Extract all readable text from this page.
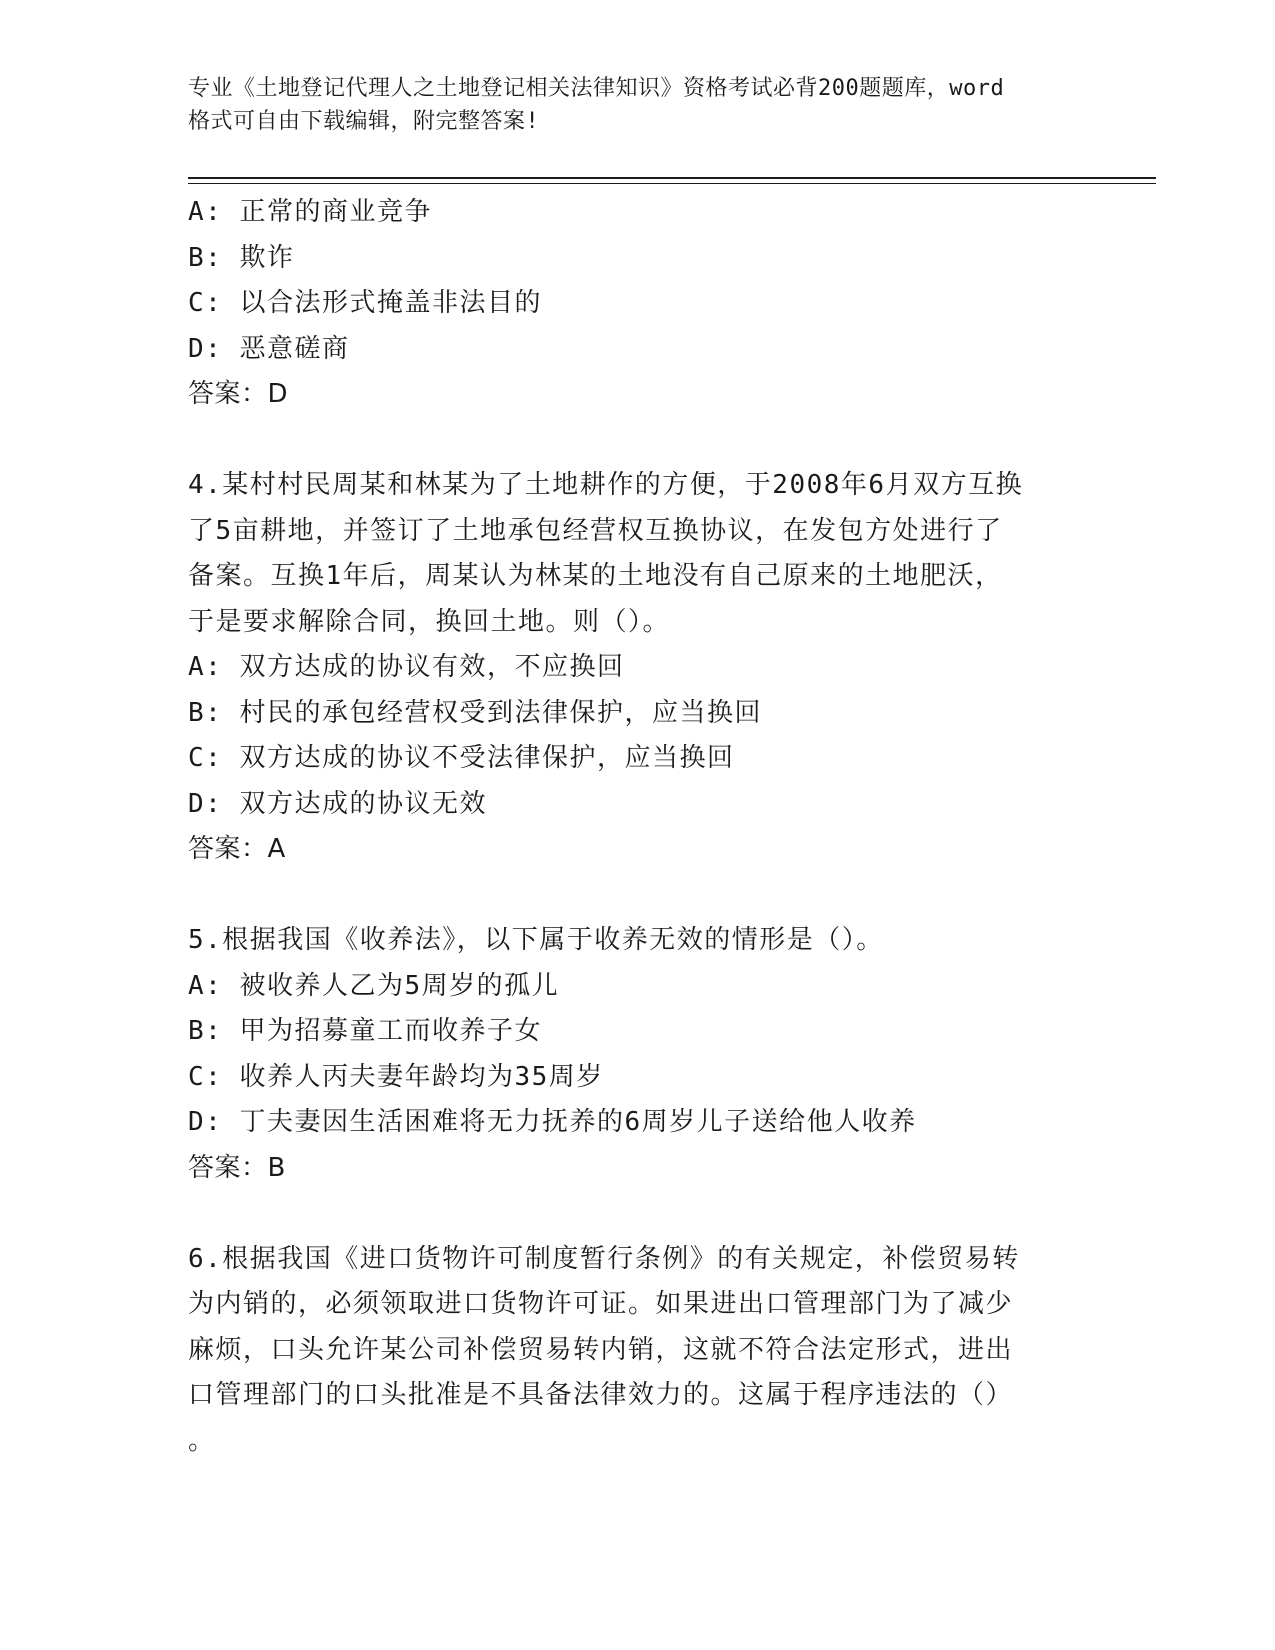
专业《土地登记代理人之土地登记相关法律知识》资格考试必背200题题库，word
格式可自由下载编辑，附完整答案!
A: 正常的商业竞争
B: 欺诈
C: 以合法形式掩盖非法目的
D: 恶意磋商
答案：D
4.某村村民周某和林某为了土地耕作的方便，于2008年6月双方互换
了5亩耕地，并签订了土地承包经营权互换协议，在发包方处进行了
备案。互换1年后，周某认为林某的土地没有自己原来的土地肥沃，
于是要求解除合同，换回土地。则（）。
A: 双方达成的协议有效，不应换回
B: 村民的承包经营权受到法律保护，应当换回
C: 双方达成的协议不受法律保护，应当换回
D: 双方达成的协议无效
答案：A
5.根据我国《收养法》，以下属于收养无效的情形是（）。
A: 被收养人乙为5周岁的孤儿
B: 甲为招募童工而收养子女
C: 收养人丙夫妻年龄均为35周岁
D: 丁夫妻因生活困难将无力抚养的6周岁儿子送给他人收养
答案：B
6.根据我国《进口货物许可制度暂行条例》的有关规定，补偿贸易转
为内销的，必须领取进口货物许可证。如果进出口管理部门为了减少
麻烦，口头允许某公司补偿贸易转内销，这就不符合法定形式，进出
口管理部门的口头批准是不具备法律效力的。这属于程序违法的（）
。
